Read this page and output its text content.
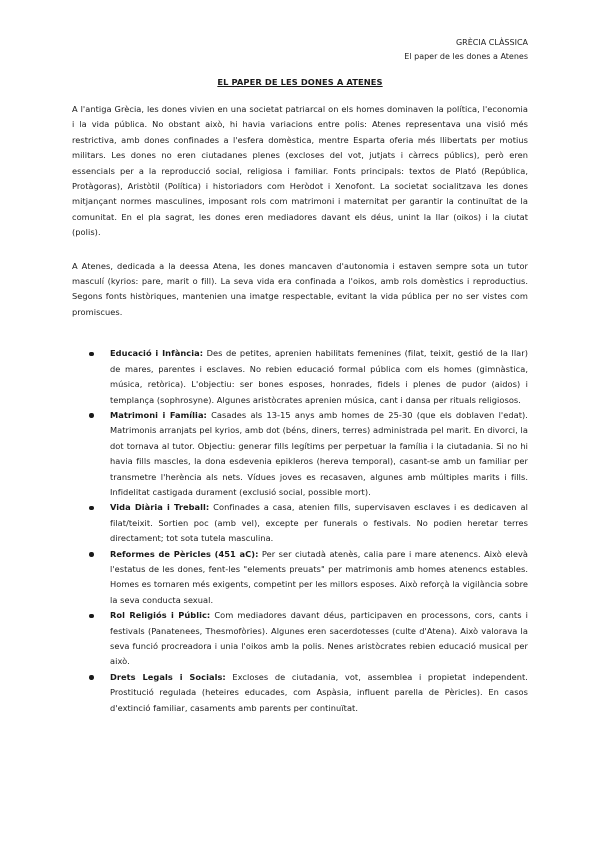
GRÈCIA CLÀSSICA
El paper de les dones a Atenes
EL PAPER DE LES DONES A ATENES

A l'antiga Grècia, les dones vivien en una societat patriarcal on els homes dominaven la política, l'economia i la vida pública. No obstant això, hi havia variacions entre polis: Atenes representava una visió més restrictiva, amb dones confinades a l'esfera domèstica, mentre Esparta oferia més llibertats per motius militars. Les dones no eren ciutadanes plenes (excloses del vot, jutjats i càrrecs públics), però eren essencials per a la reproducció social, religiosa i familiar. Fonts principals: textos de Plató (República, Protàgoras), Aristòtil (Política) i historiadors com Heròdot i Xenofont. La societat socialitzava les dones mitjançant normes masculines, imposant rols com matrimoni i maternitat per garantir la continuïtat de la comunitat. En el pla sagrat, les dones eren mediadores davant els déus, unint la llar (oikos) i la ciutat (polis).

A Atenes, dedicada a la deessa Atena, les dones mancaven d'autonomia i estaven sempre sota un tutor masculí (kyrios: pare, marit o fill). La seva vida era confinada a l'oikos, amb rols domèstics i reproductius. Segons fonts històriques, mantenien una imatge respectable, evitant la vida pública per no ser vistes com promiscues.

Educació i Infància: Des de petites, aprenien habilitats femenines (filat, teixit, gestió de la llar) de mares, parentes i esclaves. No rebien educació formal pública com els homes (gimnàstica, música, retòrica). L'objectiu: ser bones esposes, honrades, fidels i plenes de pudor (aidos) i templança (sophrosyne). Algunes aristòcrates aprenien música, cant i dansa per rituals religiosos.
Matrimoni i Família: Casades als 13-15 anys amb homes de 25-30 (que els doblaven l'edat). Matrimonis arranjats pel kyrios, amb dot (béns, diners, terres) administrada pel marit. En divorci, la dot tornava al tutor. Objectiu: generar fills legítims per perpetuar la família i la ciutadania. Si no hi havia fills mascles, la dona esdevenia epikleros (hereva temporal), casant-se amb un familiar per transmetre l'herència als nets. Vídues joves es recasaven, algunes amb múltiples marits i fills. Infidelitat castigada durament (exclusió social, possible mort).
Vida Diària i Treball: Confinades a casa, atenien fills, supervisaven esclaves i es dedicaven al filat/teixit. Sortien poc (amb vel), excepte per funerals o festivals. No podien heretar terres directament; tot sota tutela masculina.
Reformes de Pèricles (451 aC): Per ser ciutadà atenès, calia pare i mare atenencs. Això elevà l'estatus de les dones, fent-les "elements preuats" per matrimonis amb homes atenencs estables. Homes es tornaren més exigents, competint per les millors esposes. Això reforçà la vigilància sobre la seva conducta sexual.
Rol Religiós i Públic: Com mediadores davant déus, participaven en processons, cors, cants i festivals (Panatenees, Thesmofòries). Algunes eren sacerdotesses (culte d'Atena). Això valorava la seva funció procreadora i unia l'oikos amb la polis. Nenes aristòcrates rebien educació musical per això.
Drets Legals i Socials: Excloses de ciutadania, vot, assemblea i propietat independent. Prostitució regulada (heteires educades, com Aspàsia, influent parella de Pèricles). En casos d'extinció familiar, casaments amb parents per continuïtat.
